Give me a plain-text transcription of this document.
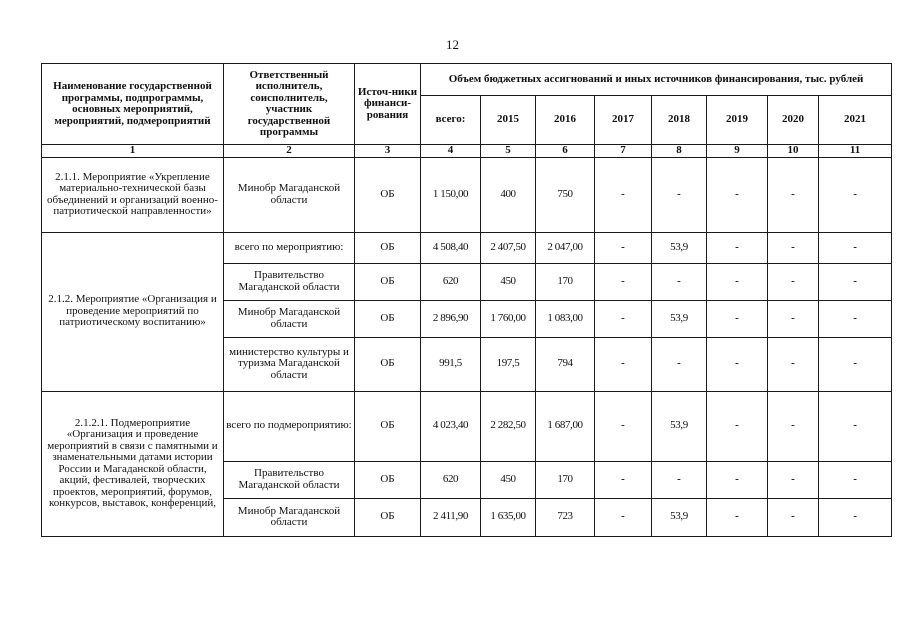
12
Наименование государственной программы, подпрограммы, основных мероприятий, мероприятий, подмероприятий	Ответственный исполнитель, соисполнитель, участник государственной программы	Источ-ники финанси-рования	Объем бюджетных ассигнований и иных источников финансирования, тыс. рублей							
			всего:	2015	2016	2017	2018	2019	2020	2021
1	2	3	4	5	6	7	8	9	10	11
2.1.1. Мероприятие «Укрепление материально-технической базы объединений и организаций военно-патриотической направленности»	Минобр Магаданской области	ОБ	1 150,00	400	750	-	-	-	-	-
2.1.2. Мероприятие «Организация и проведение мероприятий по патриотическому воспитанию»	всего по мероприятию:	ОБ	4 508,40	2 407,50	2 047,00	-	53,9	-	-	-
	Правительство Магаданской области	ОБ	620	450	170	-	-	-	-	-
	Минобр Магаданской области	ОБ	2 896,90	1 760,00	1 083,00	-	53,9	-	-	-
	министерство культуры и туризма Магаданской области	ОБ	991,5	197,5	794	-	-	-	-	-
2.1.2.1. Подмероприятие «Организация и проведение мероприятий в связи с памятными и знаменательными датами истории России и Магаданской области, акций, фестивалей, творческих проектов, мероприятий, форумов, конкурсов, выставок, конференций,	всего по подмероприятию:	ОБ	4 023,40	2 282,50	1 687,00	-	53,9	-	-	-
	Правительство Магаданской области	ОБ	620	450	170	-	-	-	-	-
	Минобр Магаданской области	ОБ	2 411,90	1 635,00	723	-	53,9	-	-	-
